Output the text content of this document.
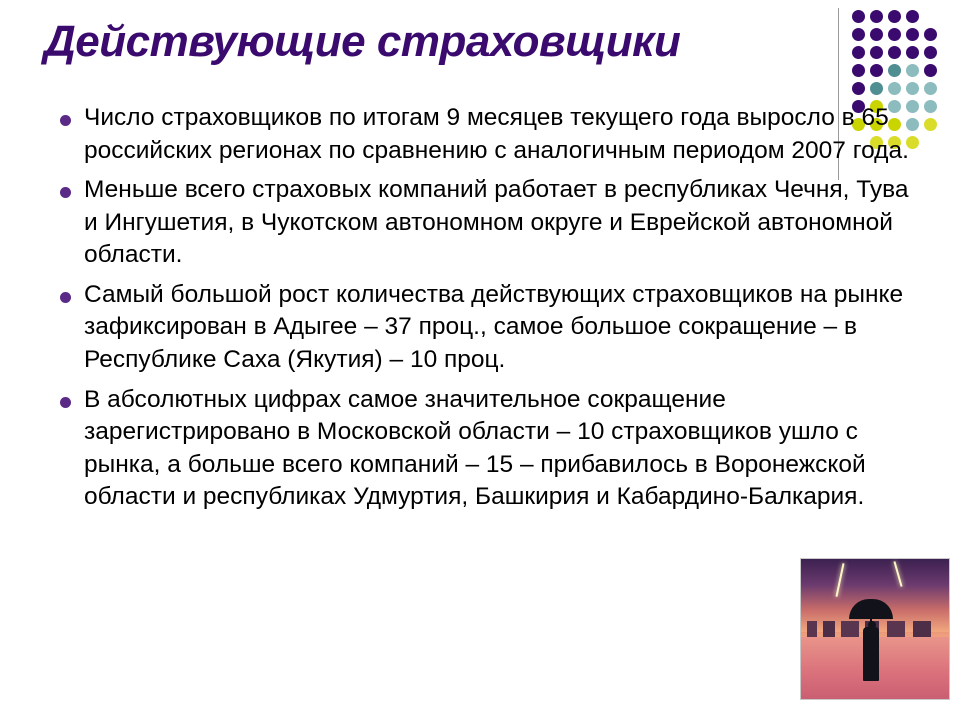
Действующие страховщики
Число страховщиков по итогам 9 месяцев текущего года выросло в 65 российских регионах по сравнению с аналогичным периодом 2007 года.
Меньше всего страховых компаний работает в республиках Чечня, Тува и Ингушетия, в Чукотском автономном округе и Еврейской автономной области.
Самый большой рост количества действующих страховщиков на рынке зафиксирован в Адыгее – 37 проц., самое большое сокращение – в Республике Саха (Якутия) – 10 проц.
В абсолютных цифрах самое значительное сокращение зарегистрировано в Московской области – 10 страховщиков ушло с рынка, а больше всего компаний – 15 – прибавилось в Воронежской области и республиках Удмуртия, Башкирия и Кабардино-Балкария.
